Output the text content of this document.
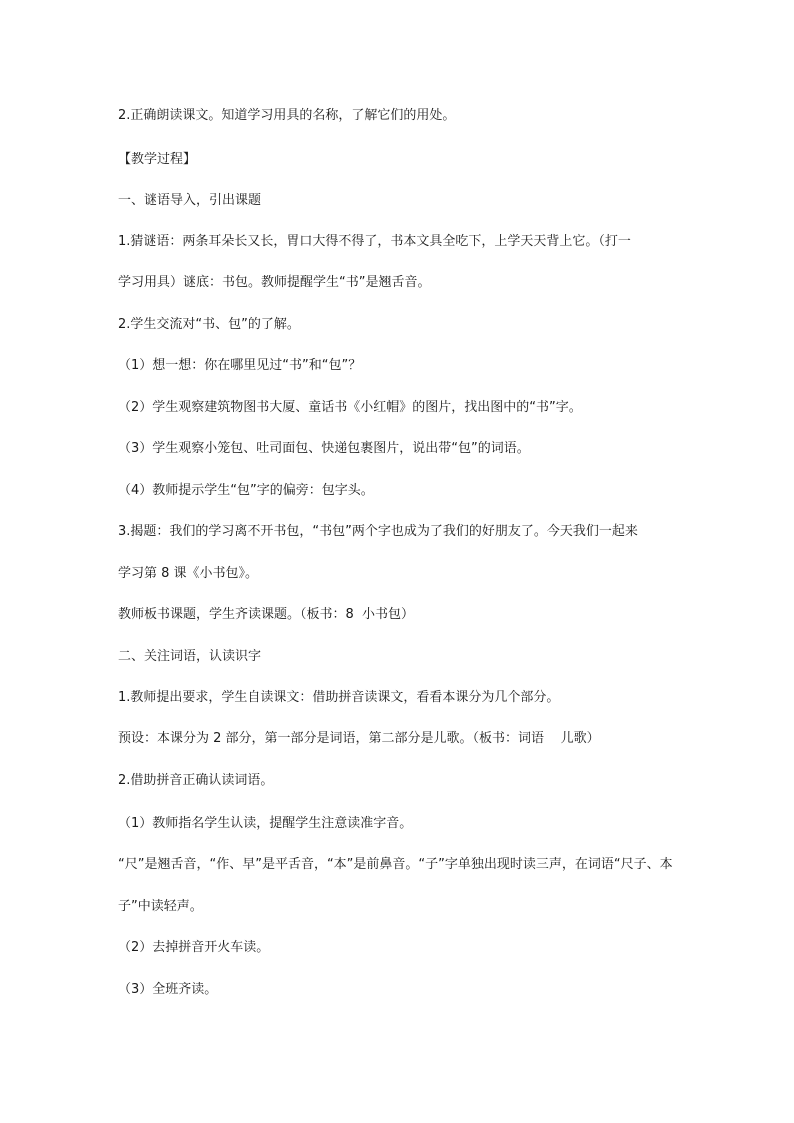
2.正确朗读课文。知道学习用具的名称，了解它们的用处。

【教学过程】

一、谜语导入，引出课题

1.猜谜语：两条耳朵长又长，胃口大得不得了，书本文具全吃下，上学天天背上它。（打一

学习用具）谜底：书包。教师提醒学生“书”是翘舌音。

2.学生交流对“书、包”的了解。

（1）想一想：你在哪里见过“书”和“包”？

（2）学生观察建筑物图书大厦、童话书《小红帽》的图片，找出图中的“书”字。

（3）学生观察小笼包、吐司面包、快递包裹图片，说出带“包”的词语。

（4）教师提示学生“包”字的偏旁：包字头。

3.揭题：我们的学习离不开书包，“书包”两个字也成为了我们的好朋友了。今天我们一起来

学习第 8 课《小书包》。

教师板书课题，学生齐读课题。（板书：8  小书包）

二、关注词语，认读识字

1.教师提出要求，学生自读课文：借助拼音读课文，看看本课分为几个部分。

预设：本课分为 2 部分，第一部分是词语，第二部分是儿歌。（板书：词语    儿歌）

2.借助拼音正确认读词语。

（1）教师指名学生认读，提醒学生注意读准字音。

“尺”是翘舌音，“作、早”是平舌音，“本”是前鼻音。“子”字单独出现时读三声，在词语“尺子、本

子”中读轻声。

（2）去掉拼音开火车读。

（3）全班齐读。
